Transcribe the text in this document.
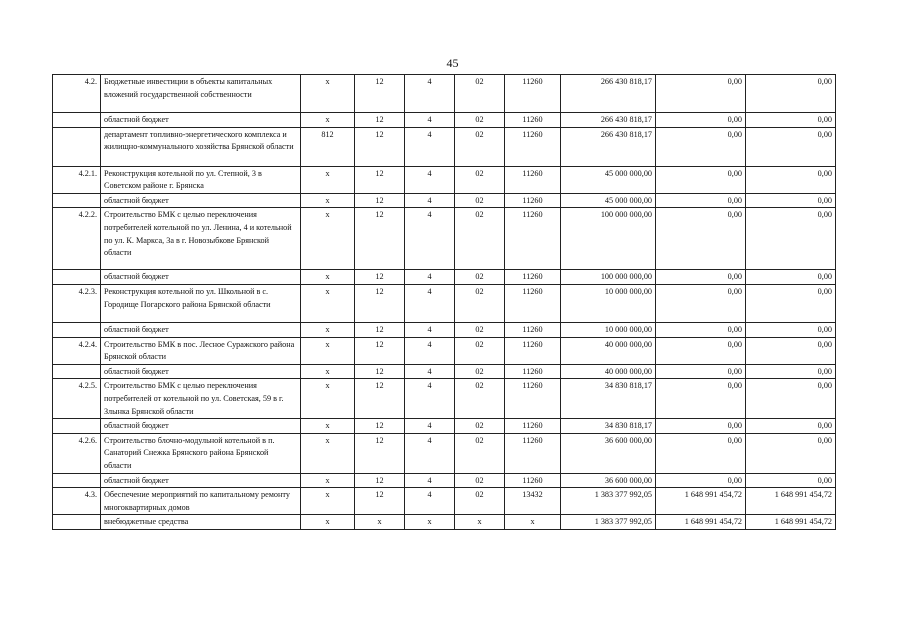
45
4.2.	Бюджетные инвестиции в объекты капитальных вложений государственной собственности	x	12	4	02	11260	266 430 818,17	0,00	0,00
	областной бюджет	x	12	4	02	11260	266 430 818,17	0,00	0,00
	департамент топливно-энергетического комплекса и жилищно-коммунального хозяйства Брянской области	812	12	4	02	11260	266 430 818,17	0,00	0,00
4.2.1.	Реконструкция котельной по ул. Степной, 3 в Советском районе г. Брянска	x	12	4	02	11260	45 000 000,00	0,00	0,00
	областной бюджет	x	12	4	02	11260	45 000 000,00	0,00	0,00
4.2.2.	Строительство БМК с целью переключения потребителей котельной по ул. Ленина, 4 и котельной по ул. К. Маркса, 3а в г. Новозыбкове Брянской области	x	12	4	02	11260	100 000 000,00	0,00	0,00
	областной бюджет	x	12	4	02	11260	100 000 000,00	0,00	0,00
4.2.3.	Реконструкция котельной по ул. Школьной в с. Городище Погарского района Брянской области	x	12	4	02	11260	10 000 000,00	0,00	0,00
	областной бюджет	x	12	4	02	11260	10 000 000,00	0,00	0,00
4.2.4.	Строительство БМК в пос. Лесное Суражского района Брянской области	x	12	4	02	11260	40 000 000,00	0,00	0,00
	областной бюджет	x	12	4	02	11260	40 000 000,00	0,00	0,00
4.2.5.	Строительство БМК с целью переключения потребителей от котельной по ул. Советская, 59 в г. Злынка Брянской области	x	12	4	02	11260	34 830 818,17	0,00	0,00
	областной бюджет	x	12	4	02	11260	34 830 818,17	0,00	0,00
4.2.6.	Строительство блочно-модульной котельной в п. Санаторий Снежка Брянского района Брянской области	x	12	4	02	11260	36 600 000,00	0,00	0,00
	областной бюджет	x	12	4	02	11260	36 600 000,00	0,00	0,00
4.3.	Обеспечение мероприятий по капитальному ремонту многоквартирных домов	x	12	4	02	13432	1 383 377 992,05	1 648 991 454,72	1 648 991 454,72
	внебюджетные средства	x	x	x	x	x	1 383 377 992,05	1 648 991 454,72	1 648 991 454,72
